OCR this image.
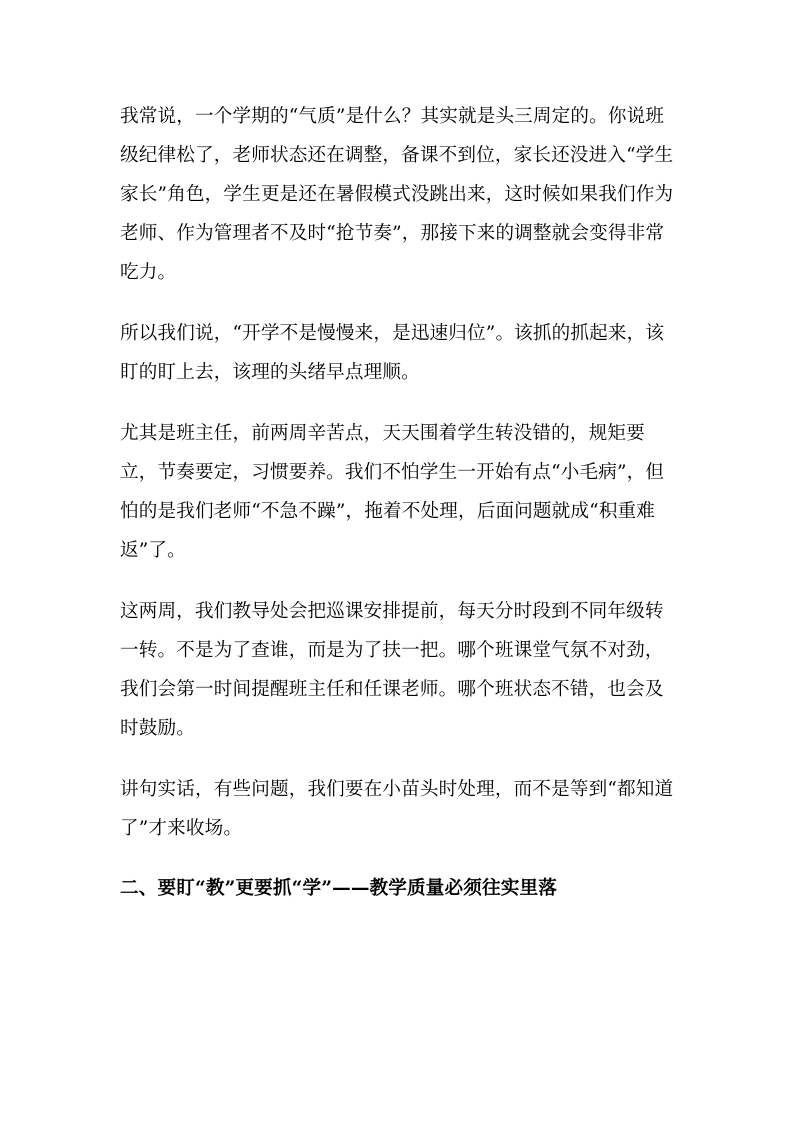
我常说，一个学期的“气质”是什么？其实就是头三周定的。你说班级纪律松了，老师状态还在调整，备课不到位，家长还没进入“学生家长”角色，学生更是还在暑假模式没跳出来，这时候如果我们作为老师、作为管理者不及时“抢节奏”，那接下来的调整就会变得非常吃力。

所以我们说，“开学不是慢慢来，是迅速归位”。该抓的抓起来，该盯的盯上去，该理的头绪早点理顺。

尤其是班主任，前两周辛苦点，天天围着学生转没错的，规矩要立，节奏要定，习惯要养。我们不怕学生一开始有点“小毛病”，但怕的是我们老师“不急不躁”，拖着不处理，后面问题就成“积重难返”了。

这两周，我们教导处会把巡课安排提前，每天分时段到不同年级转一转。不是为了查谁，而是为了扶一把。哪个班课堂气氛不对劲，我们会第一时间提醒班主任和任课老师。哪个班状态不错，也会及时鼓励。

讲句实话，有些问题，我们要在小苗头时处理，而不是等到“都知道了”才来收场。

二、要盯“教”更要抓“学”——教学质量必须往实里落
